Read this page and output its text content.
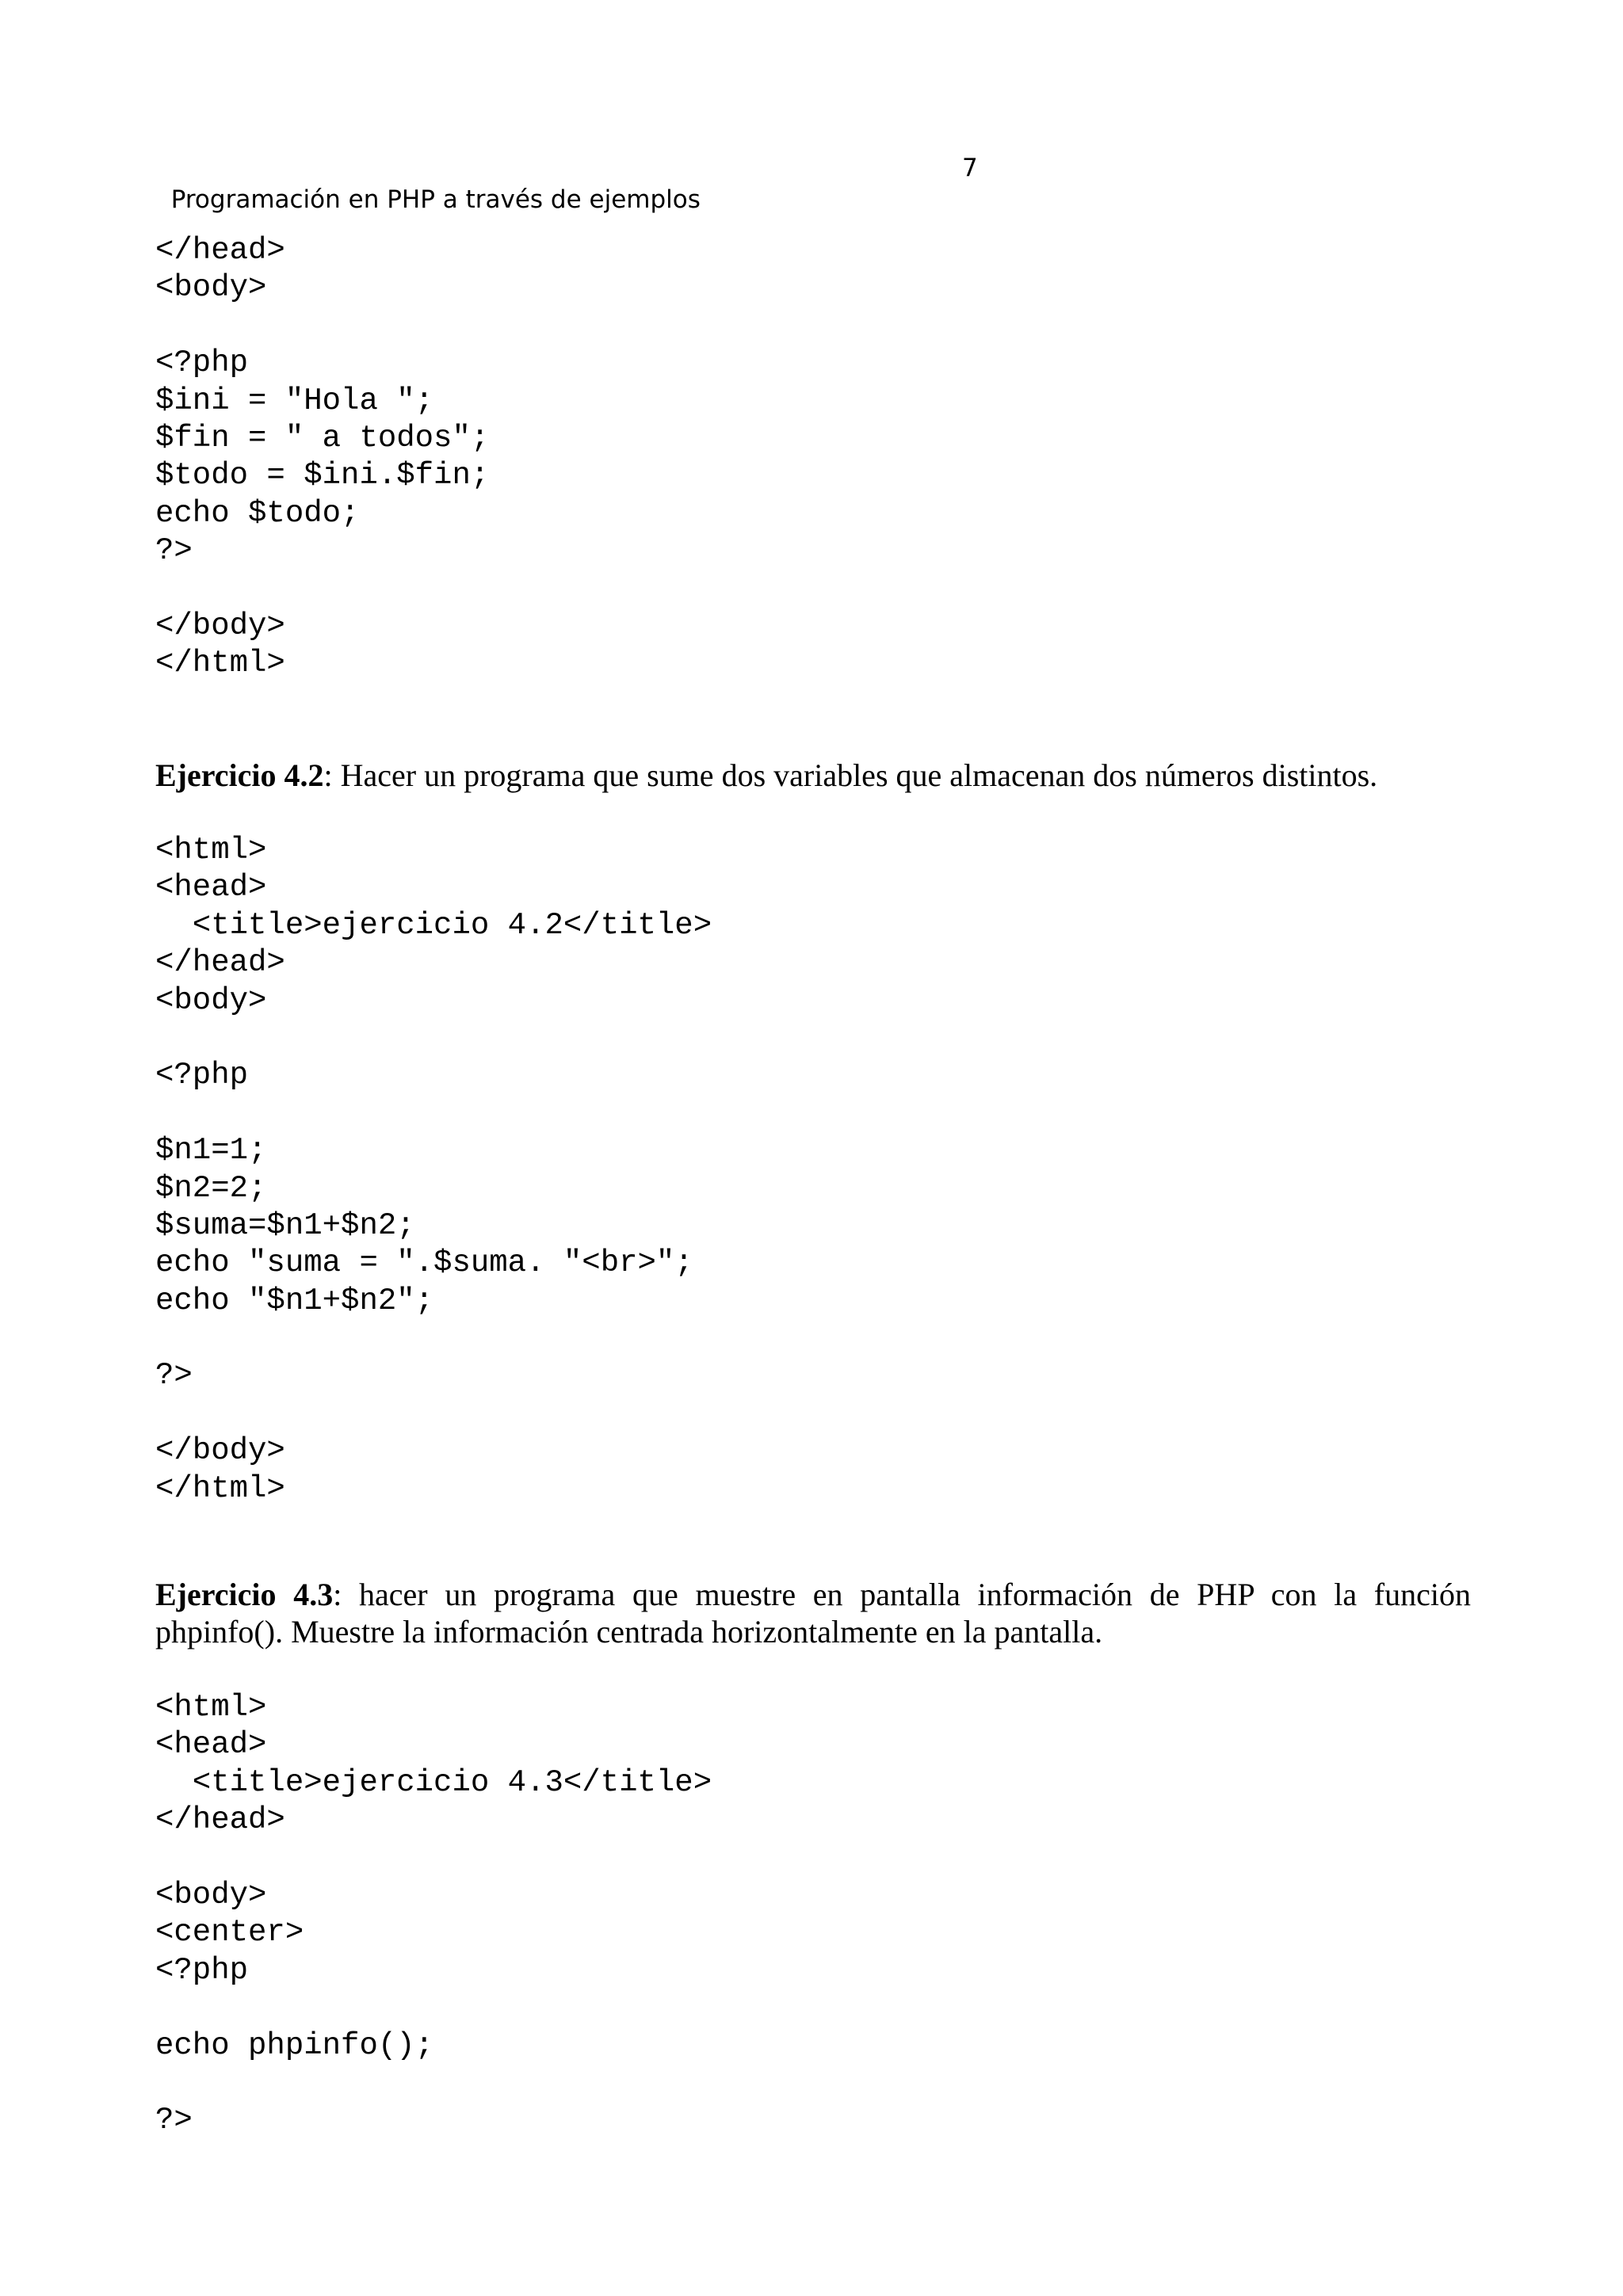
Programación en PHP a través de ejemplos

7

</head>
<body>
<?php
$ini = "Hola ";
$fin = " a todos";
$todo = $ini.$fin;
echo $todo;
?>
</body>
</html>
Ejercicio 4.2: Hacer un programa que sume dos variables que almacenan dos números distintos.
<html>
<head>
<title>ejercicio 4.2</title>
</head>
<body>
<?php
$n1=1;
$n2=2;
$suma=$n1+$n2;
echo "suma = ".$suma. "<br>";
echo "$n1+$n2";
?>
</body>
</html>
Ejercicio 4.3: hacer un programa que muestre en pantalla información de PHP con la función phpinfo(). Muestre la información centrada horizontalmente en la pantalla.
<html>
<head>
<title>ejercicio 4.3</title>
</head>
<body>
<center>
<?php
echo phpinfo();
?>
